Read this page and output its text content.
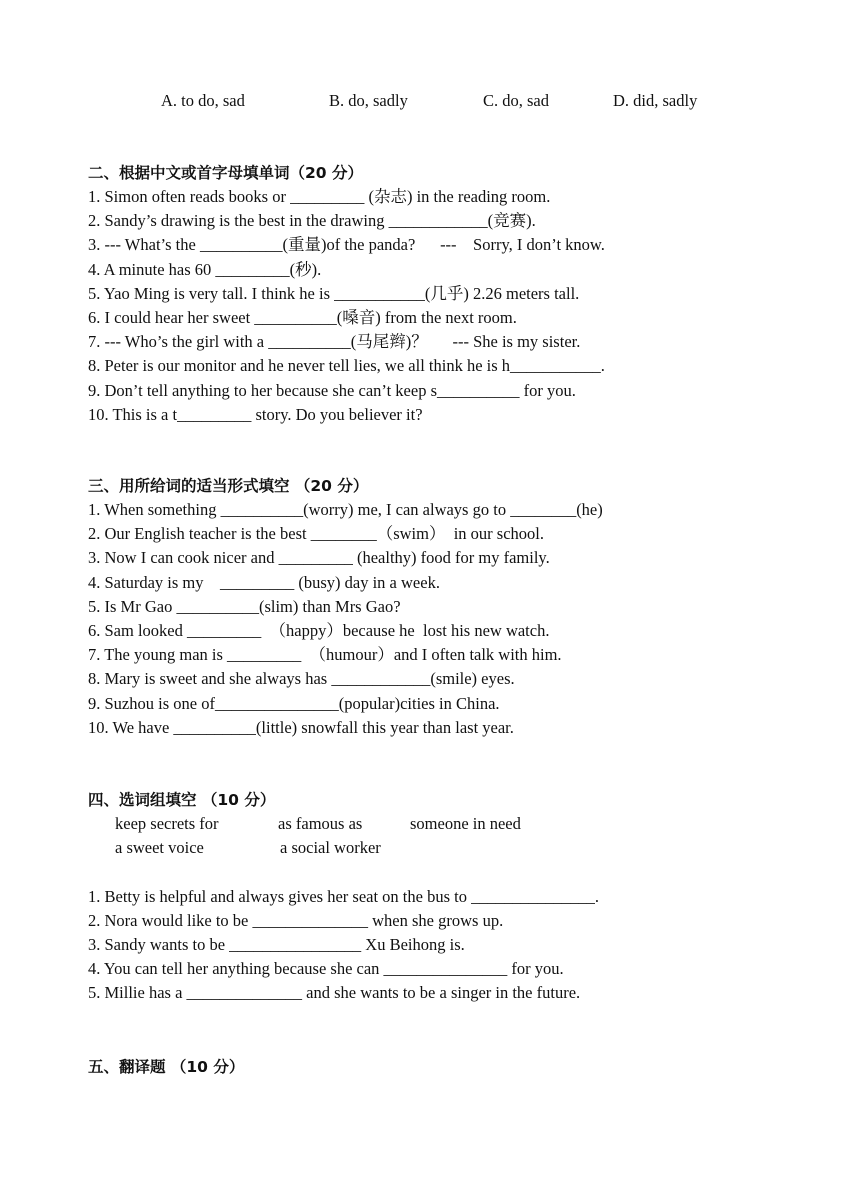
A. to do, sad	B. do, sadly	C. do, sad	D. did, sadly
二、根据中文或首字母填单词（20 分）
1. Simon often reads books or _________ (杂志) in the reading room.
2. Sandy’s drawing is the best in the drawing ____________(竞赛).
3. --- What’s the __________(重量)of the panda?      ---    Sorry, I don’t know.
4. A minute has 60 _________(秒).
5. Yao Ming is very tall. I think he is ___________(几乎) 2.26 meters tall.
6. I could hear her sweet __________(嗓音) from the next room.
7. --- Who’s the girl with a __________(马尾辫)？      --- She is my sister.
8. Peter is our monitor and he never tell lies, we all think he is h___________.
9. Don’t tell anything to her because she can’t keep s__________ for you.
10. This is a t_________ story. Do you believer it?
三、用所给词的适当形式填空 （20 分）
1. When something __________(worry) me, I can always go to ________(he)
2. Our English teacher is the best ________（swim）  in our school.
3. Now I can cook nicer and _________ (healthy) food for my family.
4. Saturday is my    _________ (busy) day in a week.
5. Is Mr Gao __________(slim) than Mrs Gao?
6. Sam looked _________  （happy）because he  lost his new watch.
7. The young man is _________  （humour）and I often talk with him.
8. Mary is sweet and she always has ____________(smile) eyes.
9. Suzhou is one of_______________(popular)cities in China.
10. We have __________(little) snowfall this year than last year.
四、选词组填空 （10 分）
keep secrets for	as famous as	someone in need
a sweet voice	a social worker
1. Betty is helpful and always gives her seat on the bus to _______________.
2. Nora would like to be ______________ when she grows up.
3. Sandy wants to be ________________ Xu Beihong is.
4. You can tell her anything because she can _______________ for you.
5. Millie has a ______________ and she wants to be a singer in the future.
五、翻译题 （10 分）
